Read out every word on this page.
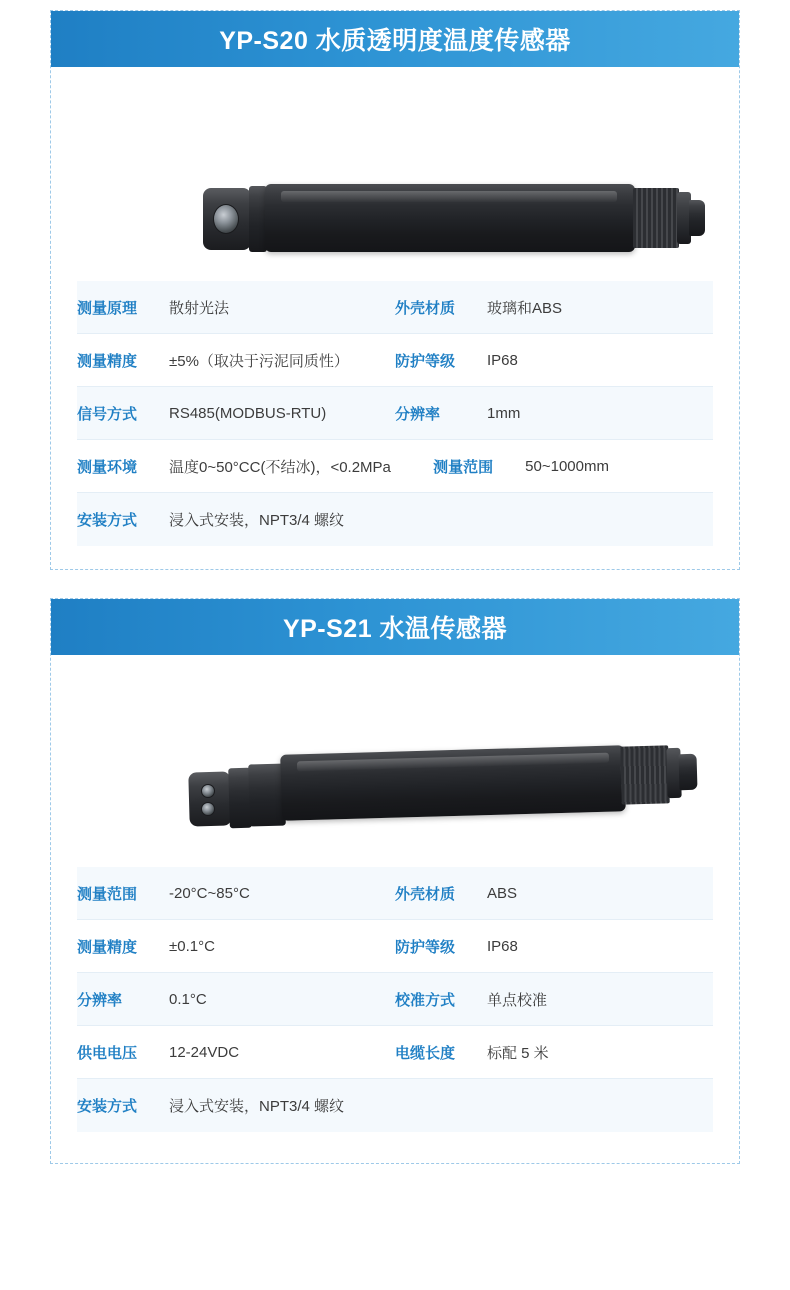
YP-S20 水质透明度温度传感器
测量原理	散射光法	外壳材质	玻璃和ABS
测量精度	±5%（取决于污泥同质性）	防护等级	IP68
信号方式	RS485(MODBUS-RTU)	分辨率	1mm
测量环境	温度0~50°CC(不结冰)，<0.2MPa	测量范围	50~1000mm
安装方式	浸入式安装，NPT3/4 螺纹
YP-S21 水温传感器
测量范围	-20°C~85°C	外壳材质	ABS
测量精度	±0.1°C	防护等级	IP68
分辨率	0.1°C	校准方式	单点校准
供电电压	12-24VDC	电缆长度	标配 5 米
安装方式	浸入式安装，NPT3/4 螺纹
